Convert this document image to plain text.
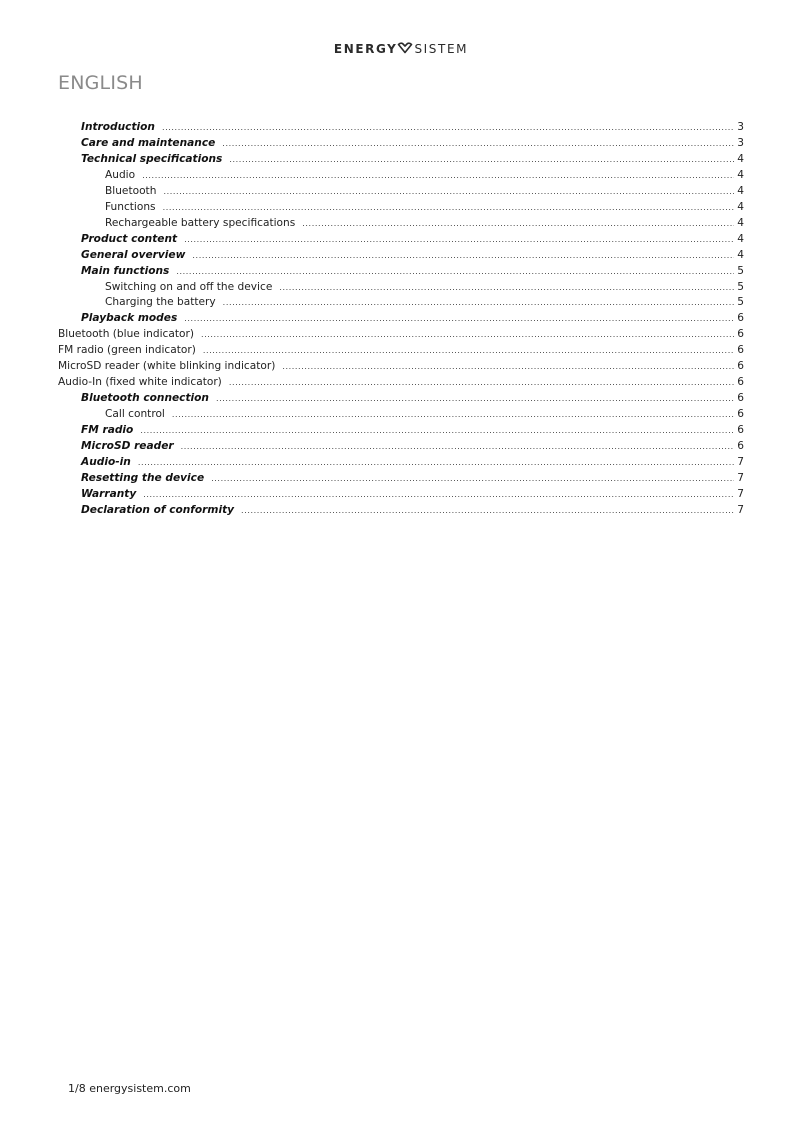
ENERGY SISTEM
ENGLISH
Introduction .....	3
Care and maintenance .....	3
Technical specifications .....	4
Audio .....	4
Bluetooth .....	4
Functions .....	4
Rechargeable battery specifications .....	4
Product content .....	4
General overview .....	4
Main functions .....	5
Switching on and off the device .....	5
Charging the battery .....	5
Playback modes .....	6
Bluetooth (blue indicator) .....	6
FM radio (green indicator) .....	6
MicroSD reader (white blinking indicator) .....	6
Audio-In (fixed white indicator) .....	6
Bluetooth connection .....	6
Call control .....	6
FM radio .....	6
MicroSD reader .....	6
Audio-in .....	7
Resetting the device .....	7
Warranty .....	7
Declaration of conformity .....	7
1/8 energysistem.com
